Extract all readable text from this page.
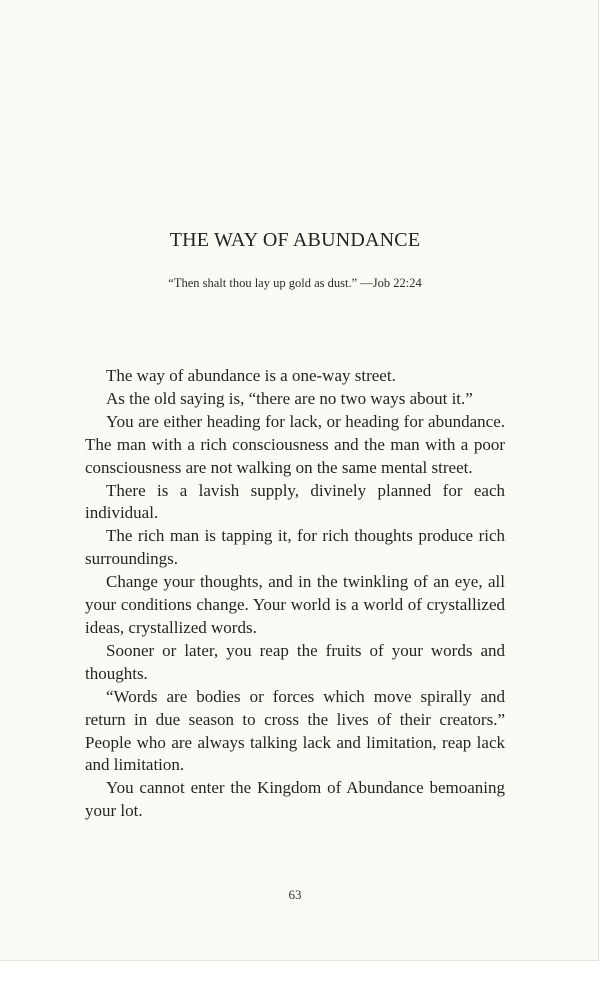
THE WAY OF ABUNDANCE

“Then shalt thou lay up gold as dust.” —Job 22:24

The way of abundance is a one-way street.

As the old saying is, “there are no two ways about it.”

You are either heading for lack, or heading for abundance. The man with a rich consciousness and the man with a poor consciousness are not walking on the same mental street.

There is a lavish supply, divinely planned for each individual.

The rich man is tapping it, for rich thoughts produce rich surroundings.

Change your thoughts, and in the twinkling of an eye, all your conditions change. Your world is a world of crystallized ideas, crystallized words.

Sooner or later, you reap the fruits of your words and thoughts.

“Words are bodies or forces which move spirally and return in due season to cross the lives of their creators.” People who are always talking lack and limitation, reap lack and limitation.

You cannot enter the Kingdom of Abundance bemoaning your lot.

63
